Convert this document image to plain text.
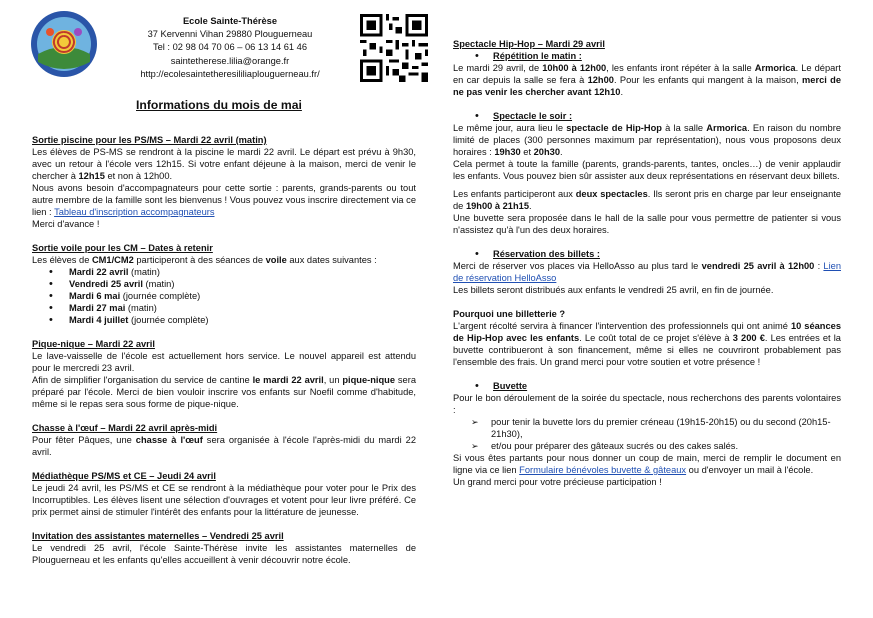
Ecole Sainte-Thérèse
37 Kervenni Vihan 29880 Plouguerneau
Tel : 02 98 04 70 06 – 06 13 14 61 46
saintetherese.lilia@orange.fr
http://ecolesaintetheresililiaplouguerneau.fr/
Informations du mois de mai
Sortie piscine pour les PS/MS – Mardi 22 avril (matin)

Les élèves de PS-MS se rendront à la piscine le mardi 22 avril. Le départ est prévu à 9h30, avec un retour à l'école vers 12h15. Si votre enfant déjeune à la maison, merci de venir le chercher à 12h15 et non à 12h00.

Nous avons besoin d'accompagnateurs pour cette sortie : parents, grands-parents ou tout autre membre de la famille sont les bienvenus ! Vous pouvez vous inscrire directement via ce lien : Tableau d'inscription accompagnateurs

Merci d'avance !

Sortie voile pour les CM – Dates à retenir

Les élèves de CM1/CM2 participeront à des séances de voile aux dates suivantes :

• Mardi 22 avril (matin)
• Vendredi 25 avril (matin)
• Mardi 6 mai (journée complète)
• Mardi 27 mai (matin)
• Mardi 4 juillet (journée complète)
Pique-nique – Mardi 22 avril

Le lave-vaisselle de l'école est actuellement hors service. Le nouvel appareil est attendu pour le mercredi 23 avril.

Afin de simplifier l'organisation du service de cantine le mardi 22 avril, un pique-nique sera préparé par l'école. Merci de bien vouloir inscrire vos enfants sur Noefil comme d'habitude, même si le repas sera sous forme de pique-nique.

Chasse à l'œuf – Mardi 22 avril après-midi

Pour fêter Pâques, une chasse à l'œuf sera organisée à l'école l'après-midi du mardi 22 avril.

Médiathèque PS/MS et CE – Jeudi 24 avril

Le jeudi 24 avril, les PS/MS et CE se rendront à la médiathèque pour voter pour le Prix des Incorruptibles. Les élèves lisent une sélection d'ouvrages et votent pour leur livre préféré. Ce prix permet ainsi de stimuler l'intérêt des enfants pour la littérature de jeunesse.

Invitation des assistantes maternelles – Vendredi 25 avril

Le vendredi 25 avril, l'école Sainte-Thérèse invite les assistantes maternelles de Plouguerneau et les enfants qu'elles accueillent à venir découvrir notre école.

Spectacle Hip-Hop – Mardi 29 avril

• Répétition le matin :

Le mardi 29 avril, de 10h00 à 12h00, les enfants iront répéter à la salle Armorica. Le départ en car depuis la salle se fera à 12h00. Pour les enfants qui mangent à la maison, merci de ne pas venir les chercher avant 12h10.

• Spectacle le soir :

Le même jour, aura lieu le spectacle de Hip-Hop à la salle Armorica. En raison du nombre limité de places (300 personnes maximum par représentation), nous vous proposons deux horaires : 19h30 et 20h30.

Cela permet à toute la famille (parents, grands-parents, tantes, oncles…) de venir applaudir les enfants. Vous pouvez bien sûr assister aux deux représentations en réservant deux billets.

Les enfants participeront aux deux spectacles. Ils seront pris en charge par leur enseignante de 19h00 à 21h15.

Une buvette sera proposée dans le hall de la salle pour vous permettre de patienter si vous n'assistez qu'à l'un des deux horaires.

• Réservation des billets :

Merci de réserver vos places via HelloAsso au plus tard le vendredi 25 avril à 12h00 : Lien de réservation HelloAsso

Les billets seront distribués aux enfants le vendredi 25 avril, en fin de journée.

Pourquoi une billetterie ?

L'argent récolté servira à financer l'intervention des professionnels qui ont animé 10 séances de Hip-Hop avec les enfants. Le coût total de ce projet s'élève à 3 200 €. Les entrées et la buvette contribueront à son financement, même si elles ne couvriront probablement pas l'ensemble des frais. Un grand merci pour votre soutien et votre présence !

• Buvette

Pour le bon déroulement de la soirée du spectacle, nous recherchons des parents volontaires :

➢ pour tenir la buvette lors du premier créneau (19h15-20h15) ou du second (20h15-21h30),
➢ et/ou pour préparer des gâteaux sucrés ou des cakes salés.

Si vous êtes partants pour nous donner un coup de main, merci de remplir le document en ligne via ce lien Formulaire bénévoles buvette & gâteaux ou d'envoyer un mail à l'école.

Un grand merci pour votre précieuse participation !
